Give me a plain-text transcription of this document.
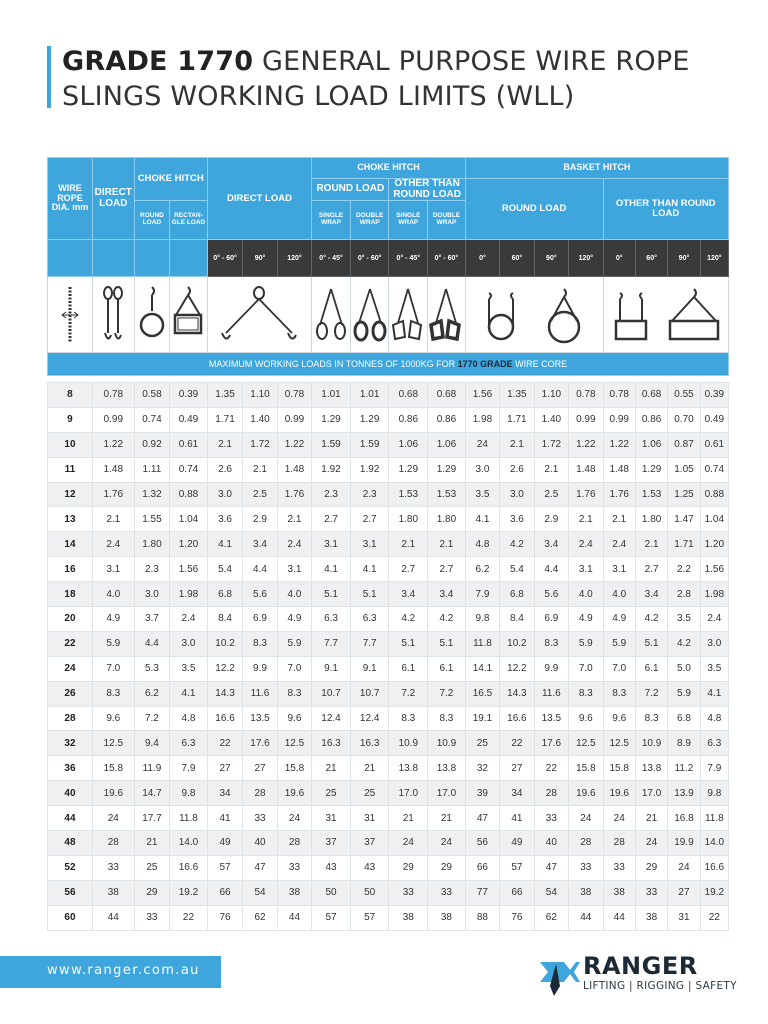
GRADE 1770 GENERAL PURPOSE WIRE ROPE
SLINGS WORKING LOAD LIMITS (WLL)
WIRE ROPE DIA. mm	DIRECT LOAD	CHOKE HITCH		DIRECT LOAD			CHOKE HITCH				BASKET HITCH							
							ROUND LOAD		OTHER THAN ROUND LOAD		ROUND LOAD				OTHER THAN ROUND LOAD			
		ROUND LOAD	RECTAN-GLE LOAD				SINGLE WRAP	DOUBLE WRAP	SINGLE WRAP	DOUBLE WRAP								
				0° - 60°	90°	120°	0° - 45°	0° - 60°	0° - 45°	0° - 60°	0°	60°	90°	120°	0°	60°	90°	120°

MAXIMUM WORKING LOADS IN TONNES OF 1000KG FOR 1770 GRADE WIRE CORE																		

8	0.78	0.58	0.39	1.35	1.10	0.78	1.01	1.01	0.68	0.68	1.56	1.35	1.10	0.78	0.78	0.68	0.55	0.39
9	0.99	0.74	0.49	1.71	1.40	0.99	1.29	1.29	0.86	0.86	1.98	1.71	1.40	0.99	0.99	0.86	0.70	0.49
10	1.22	0.92	0.61	2.1	1.72	1.22	1.59	1.59	1.06	1.06	24	2.1	1.72	1.22	1.22	1.06	0.87	0.61
11	1.48	1.11	0.74	2.6	2.1	1.48	1.92	1.92	1.29	1.29	3.0	2.6	2.1	1.48	1.48	1.29	1.05	0.74
12	1.76	1.32	0.88	3.0	2.5	1.76	2.3	2.3	1.53	1.53	3.5	3.0	2.5	1.76	1.76	1.53	1.25	0.88
13	2.1	1.55	1.04	3.6	2.9	2.1	2.7	2.7	1.80	1.80	4.1	3.6	2.9	2.1	2.1	1.80	1.47	1.04
14	2.4	1.80	1.20	4.1	3.4	2.4	3.1	3.1	2.1	2.1	4.8	4.2	3.4	2.4	2.4	2.1	1.71	1.20
16	3.1	2.3	1.56	5.4	4.4	3.1	4.1	4.1	2.7	2.7	6.2	5.4	4.4	3.1	3.1	2.7	2.2	1.56
18	4.0	3.0	1.98	6.8	5.6	4.0	5.1	5.1	3.4	3.4	7.9	6.8	5.6	4.0	4.0	3.4	2.8	1.98
20	4.9	3.7	2.4	8.4	6.9	4.9	6.3	6.3	4.2	4.2	9.8	8.4	6.9	4.9	4.9	4.2	3.5	2.4
22	5.9	4.4	3.0	10.2	8.3	5.9	7.7	7.7	5.1	5.1	11.8	10.2	8.3	5.9	5.9	5.1	4.2	3.0
24	7.0	5.3	3.5	12.2	9.9	7.0	9.1	9.1	6.1	6.1	14.1	12.2	9.9	7.0	7.0	6.1	5.0	3.5
26	8.3	6.2	4.1	14.3	11.6	8.3	10.7	10.7	7.2	7.2	16.5	14.3	11.6	8.3	8.3	7.2	5.9	4.1
28	9.6	7.2	4.8	16.6	13.5	9.6	12.4	12.4	8.3	8.3	19.1	16.6	13.5	9.6	9.6	8.3	6.8	4.8
32	12.5	9.4	6.3	22	17.6	12.5	16.3	16.3	10.9	10.9	25	22	17.6	12.5	12.5	10.9	8.9	6.3
36	15.8	11.9	7.9	27	27	15.8	21	21	13.8	13.8	32	27	22	15.8	15.8	13.8	11.2	7.9
40	19.6	14.7	9.8	34	28	19.6	25	25	17.0	17.0	39	34	28	19.6	19.6	17.0	13.9	9.8
44	24	17.7	11.8	41	33	24	31	31	21	21	47	41	33	24	24	21	16.8	11.8
48	28	21	14.0	49	40	28	37	37	24	24	56	49	40	28	28	24	19.9	14.0
52	33	25	16.6	57	47	33	43	43	29	29	66	57	47	33	33	29	24	16.6
56	38	29	19.2	66	54	38	50	50	33	33	77	66	54	38	38	33	27	19.2
60	44	33	22	76	62	44	57	57	38	38	88	76	62	44	44	38	31	22
www.ranger.com.au	RANGER
LIFTING | RIGGING | SAFETY
